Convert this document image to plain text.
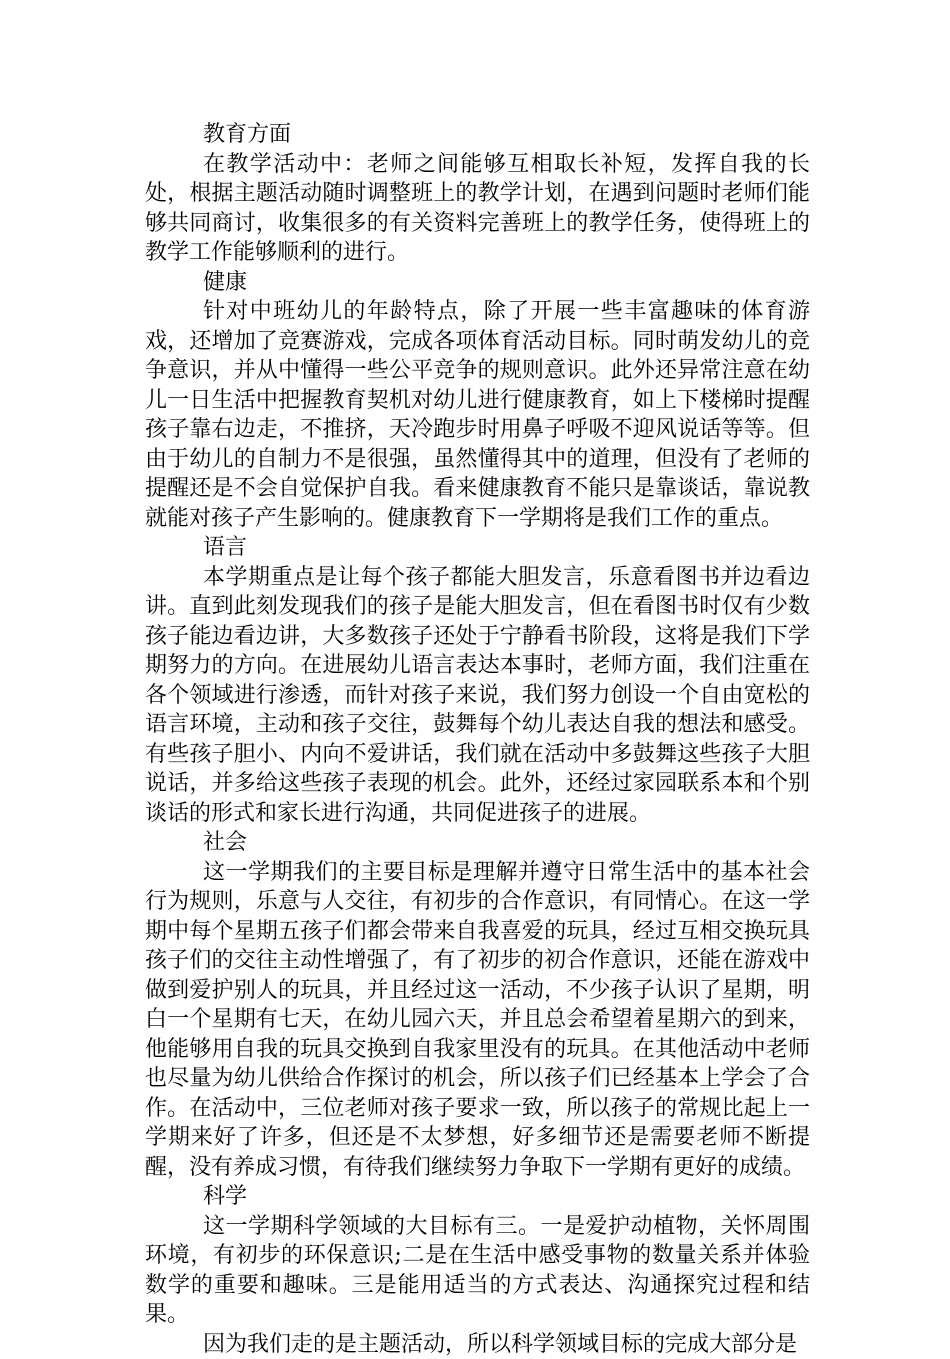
教育方面
在教学活动中：老师之间能够互相取长补短，发挥自我的长处，根据主题活动随时调整班上的教学计划，在遇到问题时老师们能够共同商讨，收集很多的有关资料完善班上的教学任务，使得班上的教学工作能够顺利的进行。
健康
针对中班幼儿的年龄特点，除了开展一些丰富趣味的体育游戏，还增加了竞赛游戏，完成各项体育活动目标。同时萌发幼儿的竞争意识，并从中懂得一些公平竞争的规则意识。此外还异常注意在幼儿一日生活中把握教育契机对幼儿进行健康教育，如上下楼梯时提醒孩子靠右边走，不推挤，天冷跑步时用鼻子呼吸不迎风说话等等。但由于幼儿的自制力不是很强，虽然懂得其中的道理，但没有了老师的提醒还是不会自觉保护自我。看来健康教育不能只是靠谈话，靠说教就能对孩子产生影响的。健康教育下一学期将是我们工作的重点。
语言
本学期重点是让每个孩子都能大胆发言，乐意看图书并边看边讲。直到此刻发现我们的孩子是能大胆发言，但在看图书时仅有少数孩子能边看边讲，大多数孩子还处于宁静看书阶段，这将是我们下学期努力的方向。在进展幼儿语言表达本事时，老师方面，我们注重在各个领域进行渗透，而针对孩子来说，我们努力创设一个自由宽松的语言环境，主动和孩子交往，鼓舞每个幼儿表达自我的想法和感受。有些孩子胆小、内向不爱讲话，我们就在活动中多鼓舞这些孩子大胆说话，并多给这些孩子表现的机会。此外，还经过家园联系本和个别谈话的形式和家长进行沟通，共同促进孩子的进展。
社会
这一学期我们的主要目标是理解并遵守日常生活中的基本社会行为规则，乐意与人交往，有初步的合作意识，有同情心。在这一学期中每个星期五孩子们都会带来自我喜爱的玩具，经过互相交换玩具孩子们的交往主动性增强了，有了初步的初合作意识，还能在游戏中做到爱护别人的玩具，并且经过这一活动，不少孩子认识了星期，明白一个星期有七天，在幼儿园六天，并且总会希望着星期六的到来，他能够用自我的玩具交换到自我家里没有的玩具。在其他活动中老师也尽量为幼儿供给合作探讨的机会，所以孩子们已经基本上学会了合作。在活动中，三位老师对孩子要求一致，所以孩子的常规比起上一学期来好了许多，但还是不太梦想，好多细节还是需要老师不断提醒，没有养成习惯，有待我们继续努力争取下一学期有更好的成绩。
科学
这一学期科学领域的大目标有三。一是爱护动植物，关怀周围环境，有初步的环保意识;二是在生活中感受事物的数量关系并体验数学的重要和趣味。三是能用适当的方式表达、沟通探究过程和结果。
因为我们走的是主题活动，所以科学领域目标的完成大部分是
